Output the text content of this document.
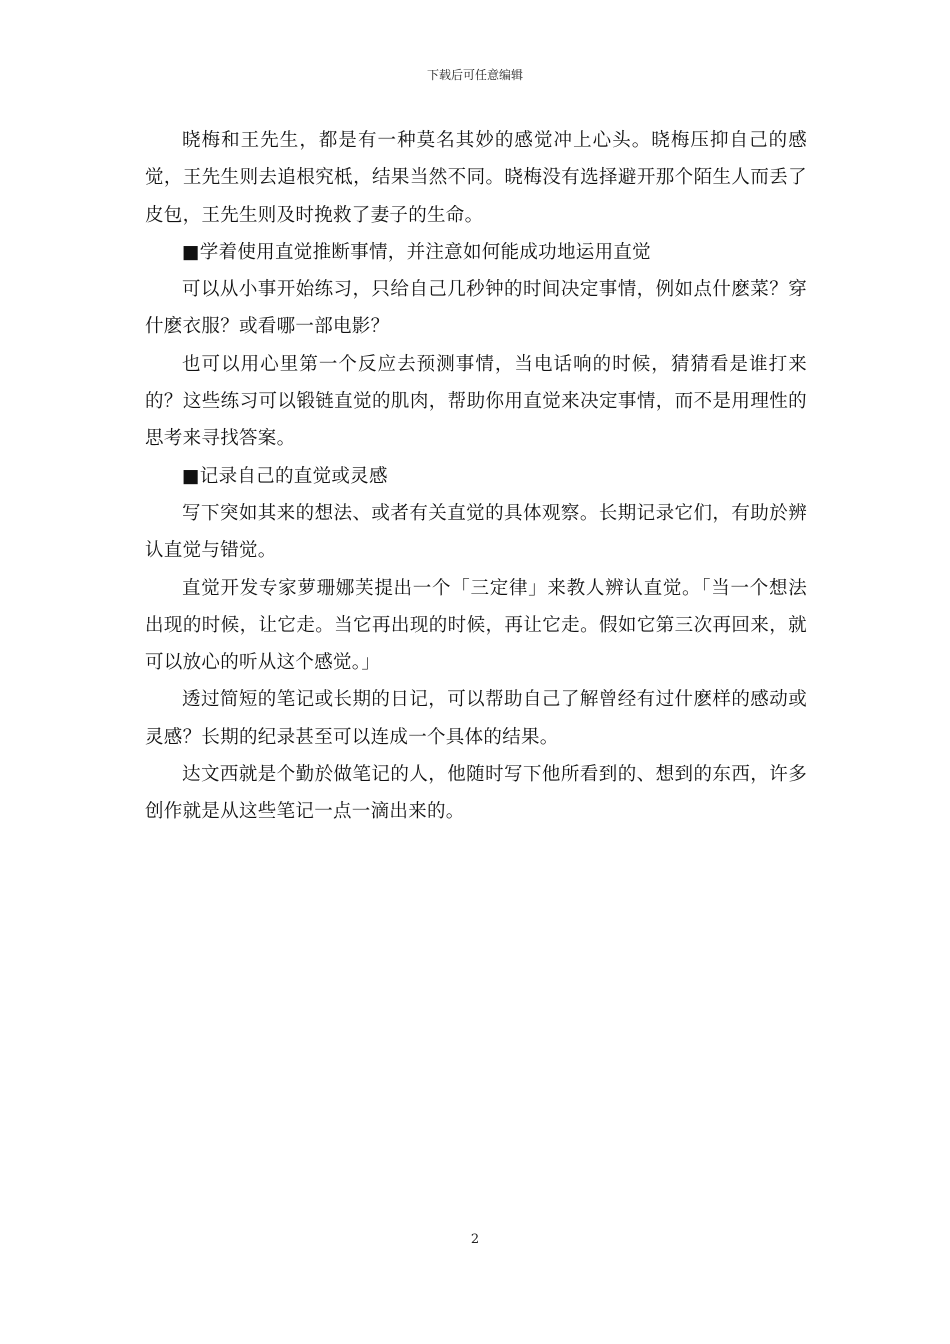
下载后可任意编辑

晓梅和王先生，都是有一种莫名其妙的感觉冲上心头。晓梅压抑自己的感觉，王先生则去追根究柢，结果当然不同。晓梅没有选择避开那个陌生人而丢了皮包，王先生则及时挽救了妻子的生命。

■学着使用直觉推断事情，并注意如何能成功地运用直觉

可以从小事开始练习，只给自己几秒钟的时间决定事情，例如点什麽菜？穿什麽衣服？或看哪一部电影？

也可以用心里第一个反应去预测事情，当电话响的时候，猜猜看是谁打来的？这些练习可以锻链直觉的肌肉，帮助你用直觉来决定事情，而不是用理性的思考来寻找答案。

■记录自己的直觉或灵感

写下突如其来的想法、或者有关直觉的具体观察。长期记录它们，有助於辨认直觉与错觉。

直觉开发专家萝珊娜芙提出一个「三定律」来教人辨认直觉。「当一个想法出现的时候，让它走。当它再出现的时候，再让它走。假如它第三次再回来，就可以放心的听从这个感觉。」

透过简短的笔记或长期的日记，可以帮助自己了解曾经有过什麽样的感动或灵感？长期的纪录甚至可以连成一个具体的结果。

达文西就是个勤於做笔记的人，他随时写下他所看到的、想到的东西，许多创作就是从这些笔记一点一滴出来的。

2
